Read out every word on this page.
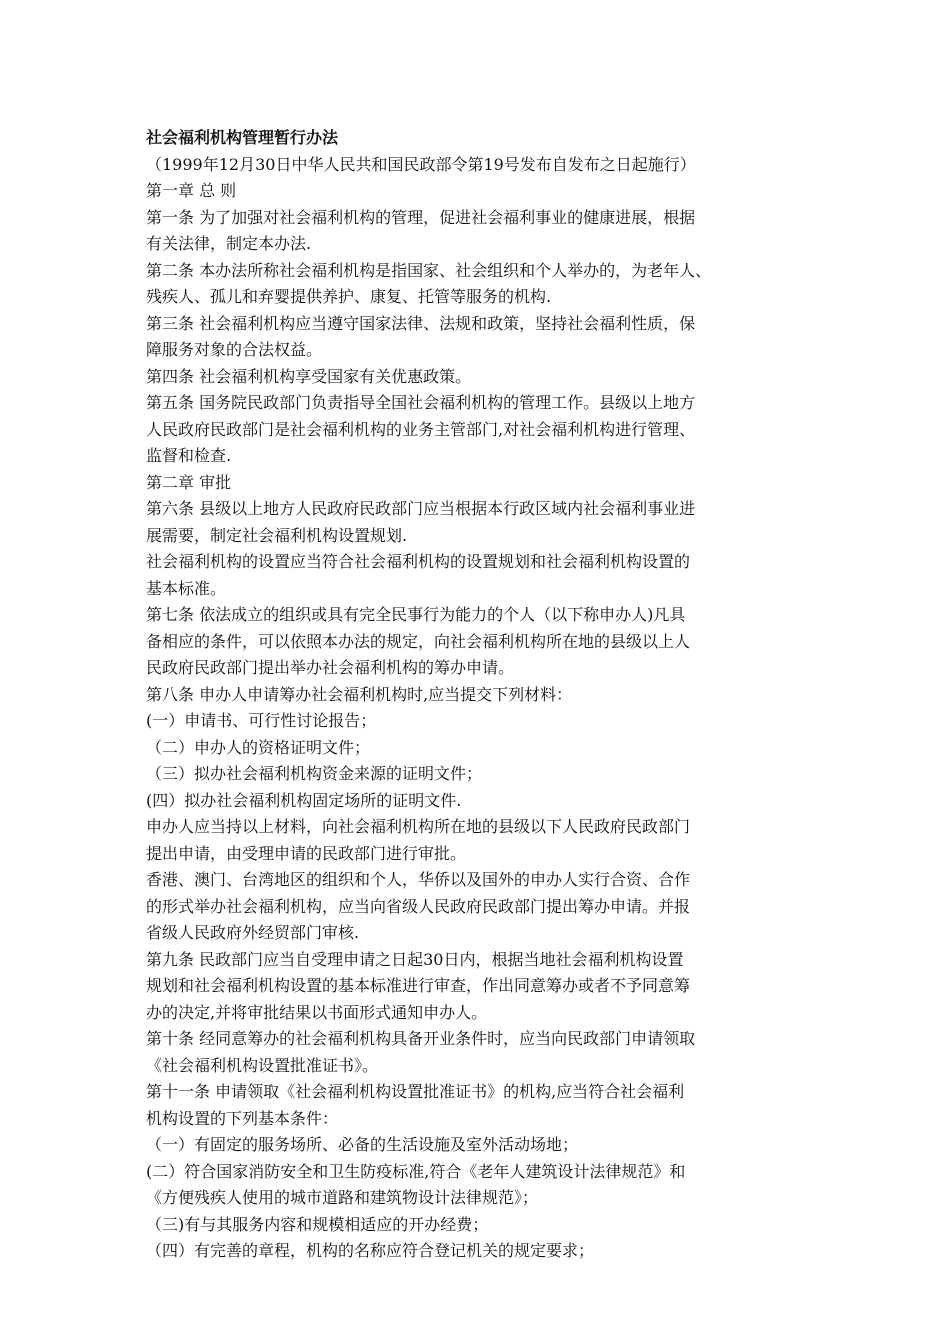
社会福利机构管理暂行办法
（1999年12月30日中华人民共和国民政部令第19号发布自发布之日起施行）
第一章 总 则
第一条 为了加强对社会福利机构的管理，促进社会福利事业的健康进展，根据
有关法律，制定本办法.
第二条 本办法所称社会福利机构是指国家、社会组织和个人举办的，为老年人、
残疾人、孤儿和弃婴提供养护、康复、托管等服务的机构.
第三条 社会福利机构应当遵守国家法律、法规和政策，坚持社会福利性质，保
障服务对象的合法权益。
第四条 社会福利机构享受国家有关优惠政策。
第五条 国务院民政部门负责指导全国社会福利机构的管理工作。县级以上地方
人民政府民政部门是社会福利机构的业务主管部门,对社会福利机构进行管理、
监督和检查.
第二章 审批
第六条 县级以上地方人民政府民政部门应当根据本行政区域内社会福利事业进
展需要，制定社会福利机构设置规划.
社会福利机构的设置应当符合社会福利机构的设置规划和社会福利机构设置的
基本标准。
第七条 依法成立的组织或具有完全民事行为能力的个人（以下称申办人)凡具
备相应的条件，可以依照本办法的规定，向社会福利机构所在地的县级以上人
民政府民政部门提出举办社会福利机构的筹办申请。
第八条 申办人申请筹办社会福利机构时,应当提交下列材料：
(一）申请书、可行性讨论报告；
（二）申办人的资格证明文件；
（三）拟办社会福利机构资金来源的证明文件；
(四）拟办社会福利机构固定场所的证明文件.
申办人应当持以上材料，向社会福利机构所在地的县级以下人民政府民政部门
提出申请，由受理申请的民政部门进行审批。
香港、澳门、台湾地区的组织和个人，华侨以及国外的申办人实行合资、合作
的形式举办社会福利机构，应当向省级人民政府民政部门提出筹办申请。并报
省级人民政府外经贸部门审核.
第九条 民政部门应当自受理申请之日起30日内，根据当地社会福利机构设置
规划和社会福利机构设置的基本标准进行审查，作出同意筹办或者不予同意筹
办的决定,并将审批结果以书面形式通知申办人。
第十条 经同意筹办的社会福利机构具备开业条件时，应当向民政部门申请领取
《社会福利机构设置批准证书》。
第十一条 申请领取《社会福利机构设置批准证书》的机构,应当符合社会福利
机构设置的下列基本条件：
（一）有固定的服务场所、必备的生活设施及室外活动场地；
(二）符合国家消防安全和卫生防疫标准,符合《老年人建筑设计法律规范》和
《方便残疾人使用的城市道路和建筑物设计法律规范》；
（三)有与其服务内容和规模相适应的开办经费；
（四）有完善的章程，机构的名称应符合登记机关的规定要求；
